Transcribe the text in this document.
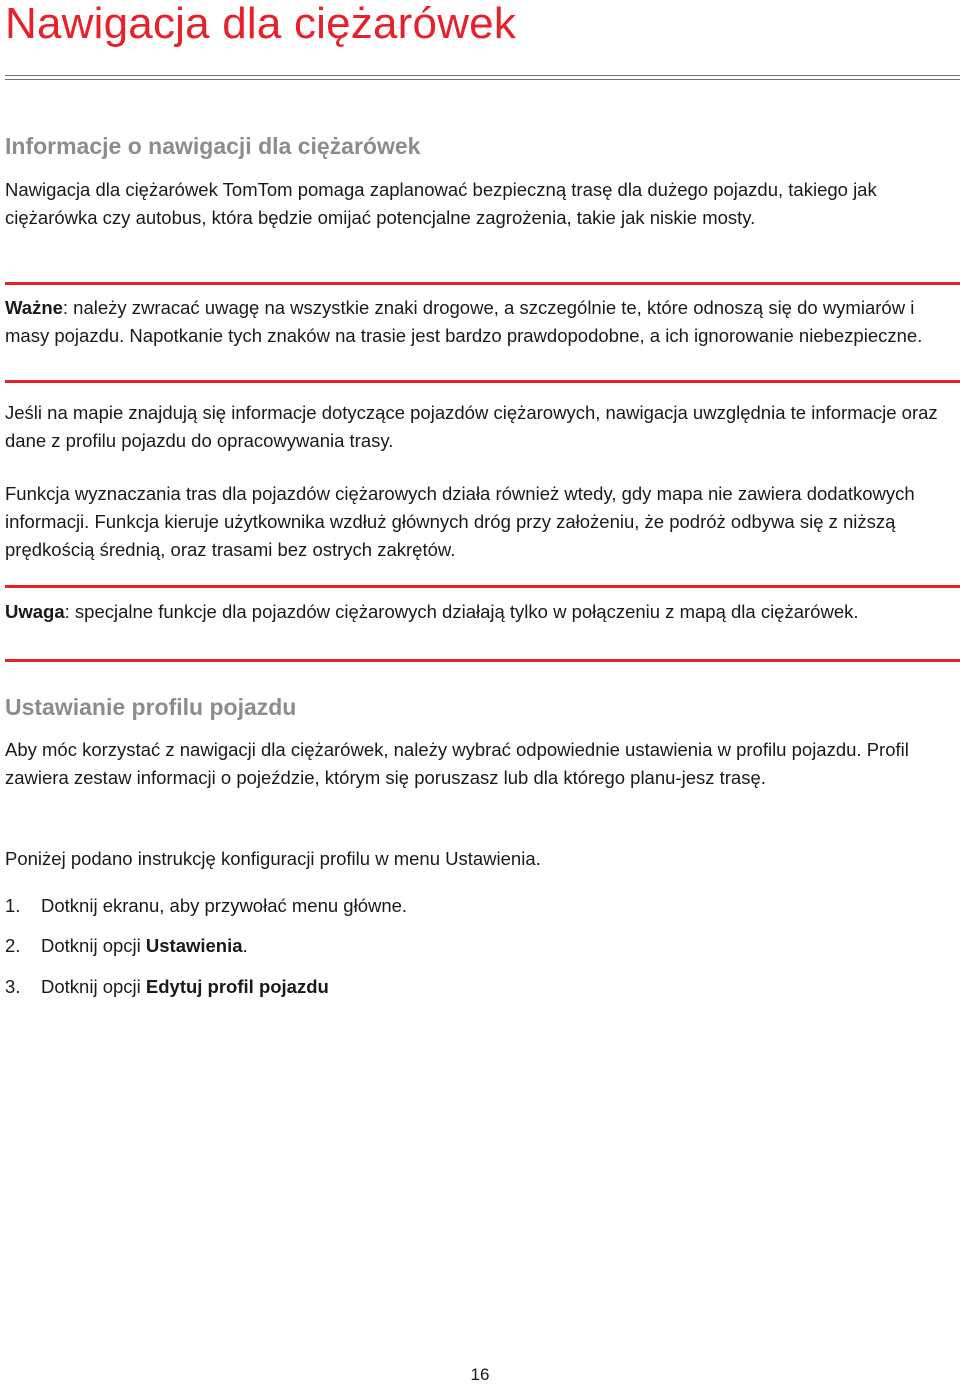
Nawigacja dla ciężarówek
Informacje o nawigacji dla ciężarówek

Nawigacja dla ciężarówek TomTom pomaga zaplanować bezpieczną trasę dla dużego pojazdu, takiego jak ciężarówka czy autobus, która będzie omijać potencjalne zagrożenia, takie jak niskie mosty.

Ważne: należy zwracać uwagę na wszystkie znaki drogowe, a szczególnie te, które odnoszą się do wymiarów i masy pojazdu. Napotkanie tych znaków na trasie jest bardzo prawdopodobne, a ich ignorowanie niebezpieczne.

Jeśli na mapie znajdują się informacje dotyczące pojazdów ciężarowych, nawigacja uwzględnia te informacje oraz dane z profilu pojazdu do opracowywania trasy.

Funkcja wyznaczania tras dla pojazdów ciężarowych działa również wtedy, gdy mapa nie zawiera dodatkowych informacji. Funkcja kieruje użytkownika wzdłuż głównych dróg przy założeniu, że podróż odbywa się z niższą prędkością średnią, oraz trasami bez ostrych zakrętów.

Uwaga: specjalne funkcje dla pojazdów ciężarowych działają tylko w połączeniu z mapą dla ciężarówek.

Ustawianie profilu pojazdu

Aby móc korzystać z nawigacji dla ciężarówek, należy wybrać odpowiednie ustawienia w profilu pojazdu. Profil zawiera zestaw informacji o pojeździe, którym się poruszasz lub dla którego planu-jesz trasę.

Poniżej podano instrukcję konfiguracji profilu w menu Ustawienia.

1. Dotknij ekranu, aby przywołać menu główne.
2. Dotknij opcji Ustawienia.
3. Dotknij opcji Edytuj profil pojazdu
16
